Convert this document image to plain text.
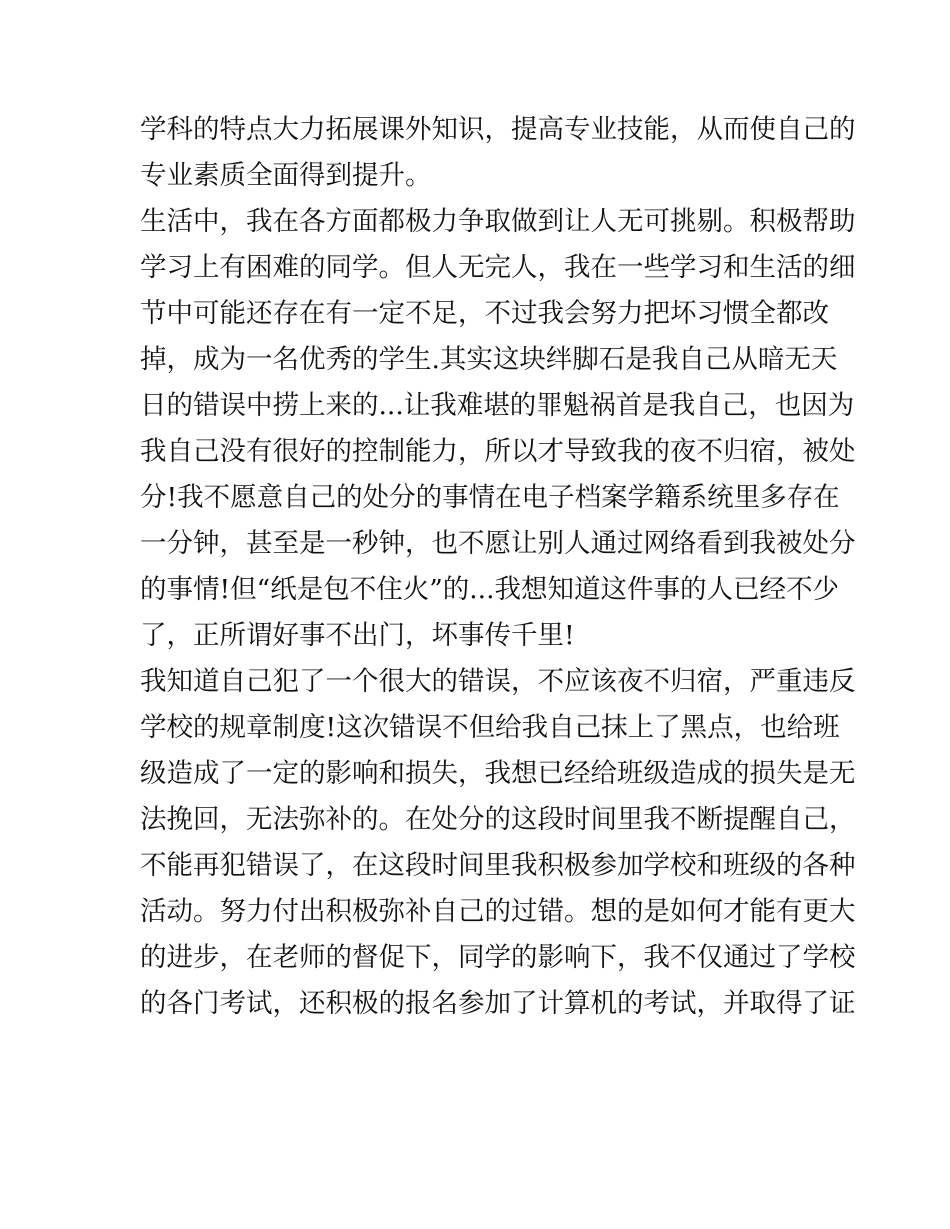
学科的特点大力拓展课外知识，提高专业技能，从而使自己的
专业素质全面得到提升。
生活中，我在各方面都极力争取做到让人无可挑剔。积极帮助
学习上有困难的同学。但人无完人，我在一些学习和生活的细
节中可能还存在有一定不足，不过我会努力把坏习惯全都改
掉，成为一名优秀的学生.其实这块绊脚石是我自己从暗无天
日的错误中捞上来的...让我难堪的罪魁祸首是我自己，也因为
我自己没有很好的控制能力，所以才导致我的夜不归宿，被处
分!我不愿意自己的处分的事情在电子档案学籍系统里多存在
一分钟，甚至是一秒钟，也不愿让别人通过网络看到我被处分
的事情!但“纸是包不住火”的...我想知道这件事的人已经不少
了，正所谓好事不出门，坏事传千里!
我知道自己犯了一个很大的错误，不应该夜不归宿，严重违反
学校的规章制度!这次错误不但给我自己抹上了黑点，也给班
级造成了一定的影响和损失，我想已经给班级造成的损失是无
法挽回，无法弥补的。在处分的这段时间里我不断提醒自己，
不能再犯错误了，在这段时间里我积极参加学校和班级的各种
活动。努力付出积极弥补自己的过错。想的是如何才能有更大
的进步，在老师的督促下，同学的影响下，我不仅通过了学校
的各门考试，还积极的报名参加了计算机的考试，并取得了证
